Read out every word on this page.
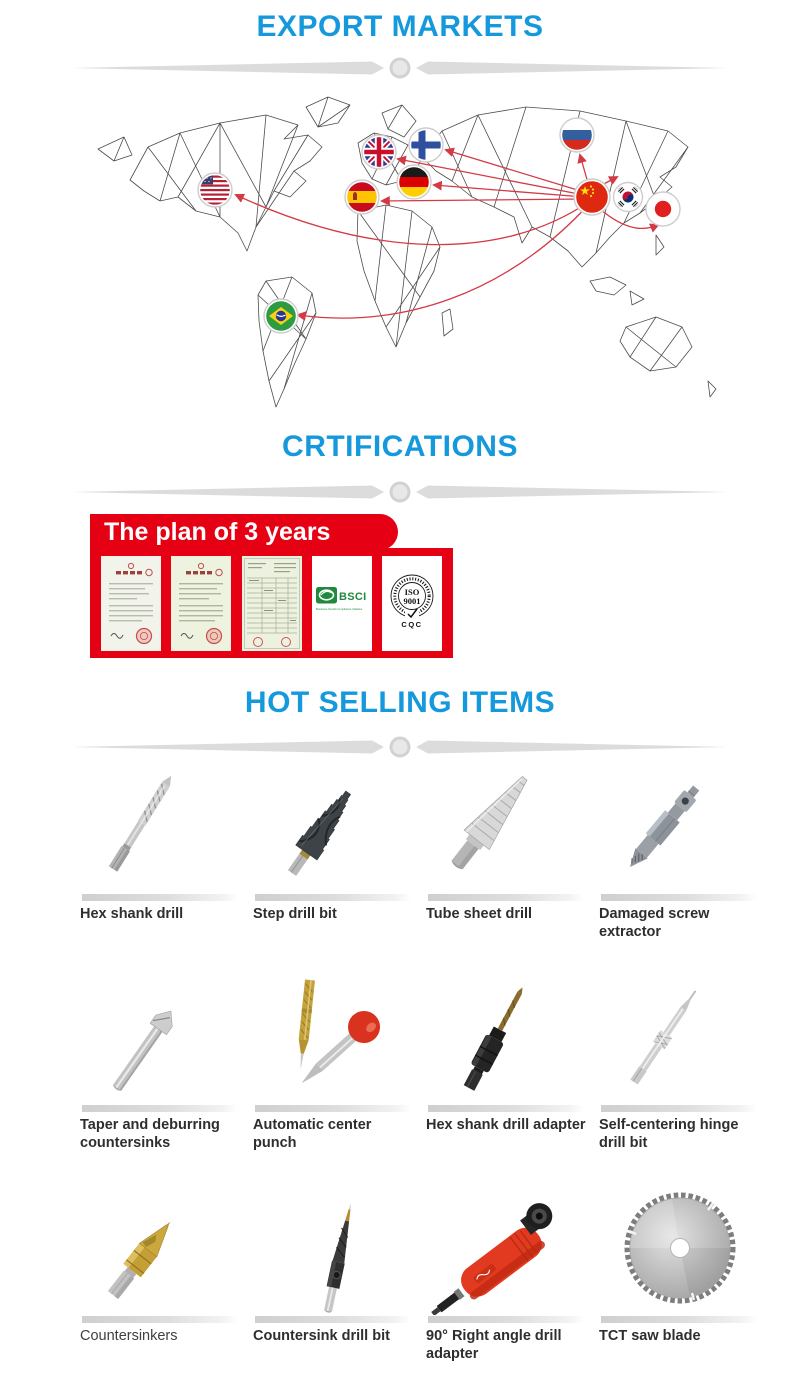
EXPORT MARKETS
CRTIFICATIONS
The plan of 3 years
BSCI
Business Social Compliance Initiative
ISO
9001
CQC
HOT SELLING ITEMS
Hex shank drill	Step drill bit	Tube sheet drill	Damaged screw extractor
Taper and deburring countersinks
Automatic center punch
Hex shank drill adapter Self-centering hinge drill bit
Countersinkers	Countersink drill bit	90° Right angle drill adapter
TCT saw blade
